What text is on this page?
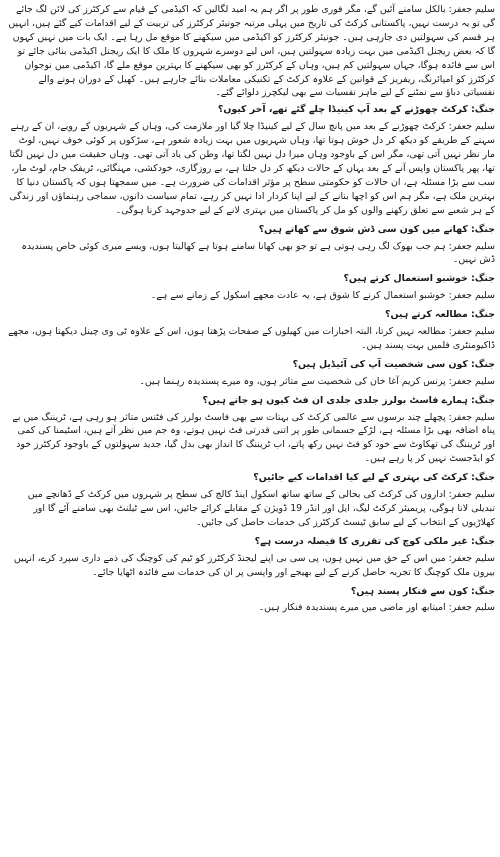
سلیم جعفر: بالکل سامنے آئیں گے، مگر فوری طور پر اگر ہم یہ امید لگالیں کہ اکیڈمی کے قیام سے کرکٹرز کی لائن لگ جائے گی تو یہ درست نہیں، پاکستانی کرکٹ کی تاریخ میں پہلی مرتبہ جونیئر کرکٹرز کی تربیت کے لیے اقدامات کیے گئے ہیں، انہیں ہر قسم کی سہولتیں دی جارہی ہیں۔ جونیئر کرکٹرز کو اکیڈمی میں سیکھنے کا موقع مل رہا ہے۔ ایک بات میں نہیں کہوں گا کہ بعض ریجنل اکیڈمی میں بہت زیادہ سہولتیں ہیں، اس لیے دوسرے شہروں کا ملک کا ایک ریجنل اکیڈمی بنائی جائے تو اس سے فائدہ ہوگا، جہاں سہولتیں کم ہیں، وہاں کے کرکٹرز کو بھی سیکھنے کا بہترین موقع ملے گا، اکیڈمی میں نوجوان کرکٹرز کو امپائرنگ، ریفریز کے قوانین کے علاوہ کرکٹ کے تکنیکی معاملات بتائے جارہے ہیں۔ کھیل کے دوران ہونے والے نفسیاتی دباؤ سے نمٹنے کے لیے ماہر نفسیات سے بھی لیکچرز دلوائے گئے۔

جنگ: کرکٹ چھوڑنے کے بعد آپ کینیڈا چلے گئے تھے، آخر کیوں؟

سلیم جعفر: کرکٹ چھوڑنے کے بعد میں پانچ سال کے لیے کینیڈا چلا گیا اور ملازمت کی، وہاں کے شہریوں کے رویے، ان کے رہنے سہنے کے طریقے کو دیکھ کر دل خوش ہوتا تھا، وہاں شہریوں میں بہت زیادہ شعور ہے، سڑکوں پر کوئی خوف نہیں، لوٹ مار نظر نہیں آتی تھی، مگر اس کے باوجود وہاں میرا دل نہیں لگتا تھا، وطن کی یاد آتی تھی۔ وہاں حقیقت میں دل نہیں لگتا تھا، پھر پاکستان واپس آنے کے بعد یہاں کے حالات دیکھ کر دل جلتا ہے، بے روزگاری، خودکشی، مہنگائی، ٹریفک جام، لوٹ مار، سب سے بڑا مسئلہ ہے، ان حالات کو حکومتی سطح پر مؤثر اقدامات کی ضرورت ہے۔ میں سمجھتا ہوں کہ پاکستان دنیا کا بہترین ملک ہے، مگر ہم اس کو اچھا بنانے کے لیے اپنا کردار ادا نہیں کر رہے، تمام سیاست دانوں، سماجی رہنماؤں اور زندگی کے ہر شعبے سے تعلق رکھنے والوں کو مل کر پاکستان میں بہتری لانے کے لیے جدوجہد کرنا ہوگی۔

جنگ: کھانے میں کون سی ڈش شوق سے کھاتے ہیں؟

سلیم جعفر: ہم جب بھوک لگ رہی ہوتی ہے تو جو بھی کھانا سامنے ہوتا ہے کھالیتا ہوں، ویسے میری کوئی خاص پسندیدہ ڈش نہیں۔

جنگ: خوشبو استعمال کرتے ہیں؟

سلیم جعفر: خوشبو استعمال کرنے کا شوق ہے، یہ عادت مجھے اسکول کے زمانے سے ہے۔

جنگ: مطالعہ کرتے ہیں؟

سلیم جعفر: مطالعہ نہیں کرتا، البتہ اخبارات میں کھیلوں کے صفحات پڑھتا ہوں، اس کے علاوہ ٹی وی چینل دیکھتا ہوں، مجھے ڈاکیومنٹری فلمیں بہت پسند ہیں۔

جنگ: کون سی شخصیت آپ کی آئیڈیل ہیں؟

سلیم جعفر: پرنس کریم آغا خان کی شخصیت سے متاثر ہوں، وہ میرے پسندیدہ رہنما ہیں۔

جنگ: ہمارے فاسٹ بولرز جلدی جلدی ان فٹ کیوں ہو جاتے ہیں؟

سلیم جعفر: پچھلے چند برسوں سے عالمی کرکٹ کی بہتات سے بھی فاسٹ بولرز کی فٹنس متاثر ہو رہی ہے، ٹریننگ میں بے پناہ اضافہ بھی بڑا مسئلہ ہے، لڑکے جسمانی طور پر اتنی قدرتی فٹ نہیں ہوتے، وہ جم میں نظر آتے ہیں، اسٹیمنا کی کمی اور ٹریننگ کی تھکاوٹ سے خود کو فٹ نہیں رکھ پاتے، اب ٹریننگ کا انداز بھی بدل گیا، جدید سہولتوں کے باوجود کرکٹرز خود کو ایڈجسٹ نہیں کر پا رہے ہیں۔

جنگ: کرکٹ کی بہتری کے لیے کیا اقدامات کیے جائیں؟

سلیم جعفر: اداروں کی کرکٹ کی بحالی کے ساتھ ساتھ اسکول اینڈ کالج کی سطح پر شہروں میں کرکٹ کے ڈھانچے میں تبدیلی لانا ہوگی، پریمیئر کرکٹ لیگ، ایل اور انڈر 19 ڈویژن کے مقابلے کرائے جائیں، اس سے ٹیلنٹ بھی سامنے آئے گا اور کھلاڑیوں کے انتخاب کے لیے سابق ٹیسٹ کرکٹرز کی خدمات حاصل کی جائیں۔

جنگ: غیر ملکی کوچ کی تقرری کا فیصلہ درست ہے؟

سلیم جعفر: میں اس کے حق میں نہیں ہوں، پی سی بی اپنے لیجنڈ کرکٹرز کو ٹیم کی کوچنگ کی ذمے داری سپرد کرے، انہیں بیرون ملک کوچنگ کا تجربہ حاصل کرنے کے لیے بھیجے اور واپسی پر ان کی خدمات سے فائدہ اٹھایا جائے۔

جنگ: کون سے فنکار پسند ہیں؟

سلیم جعفر: امیتابھ اور ماضی میں میرے پسندیدہ فنکار ہیں۔
